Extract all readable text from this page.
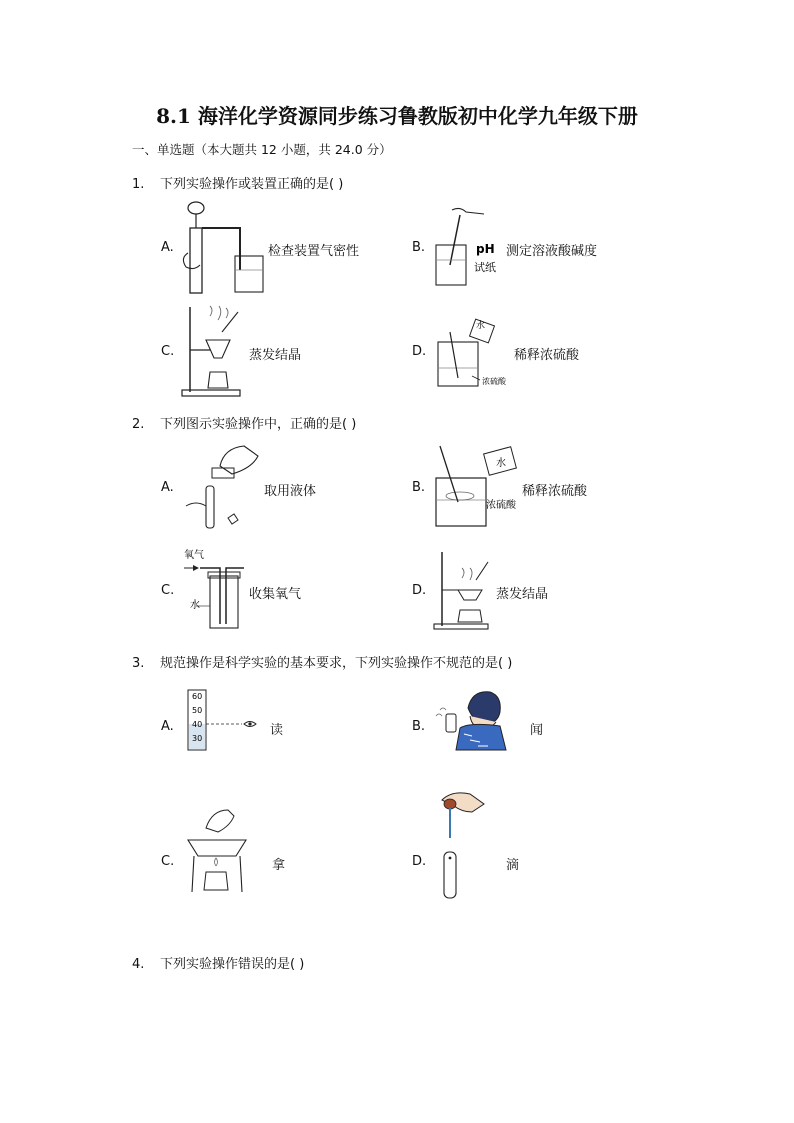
8.1 海洋化学资源同步练习鲁教版初中化学九年级下册
一、单选题（本大题共 12 小题，共 24.0 分）
1. 下列实验操作或装置正确的是( )
A.	检查装置气密性	B.	pH
试纸
测定溶液酸碱度
C.	蒸发结晶	D.
水
浓硫酸
稀释浓硫酸
2. 下列图示实验操作中，正确的是( )
A.	取用液体	B.
水
浓硫酸
稀释浓硫酸
C.
氧气
水
收集氧气	D.	蒸发结晶
3. 规范操作是科学实验的基本要求，下列实验操作不规范的是( )
A.
60
50
40
30
读	B.	闻
C.	拿	D.	滴
4. 下列实验操作错误的是( )
